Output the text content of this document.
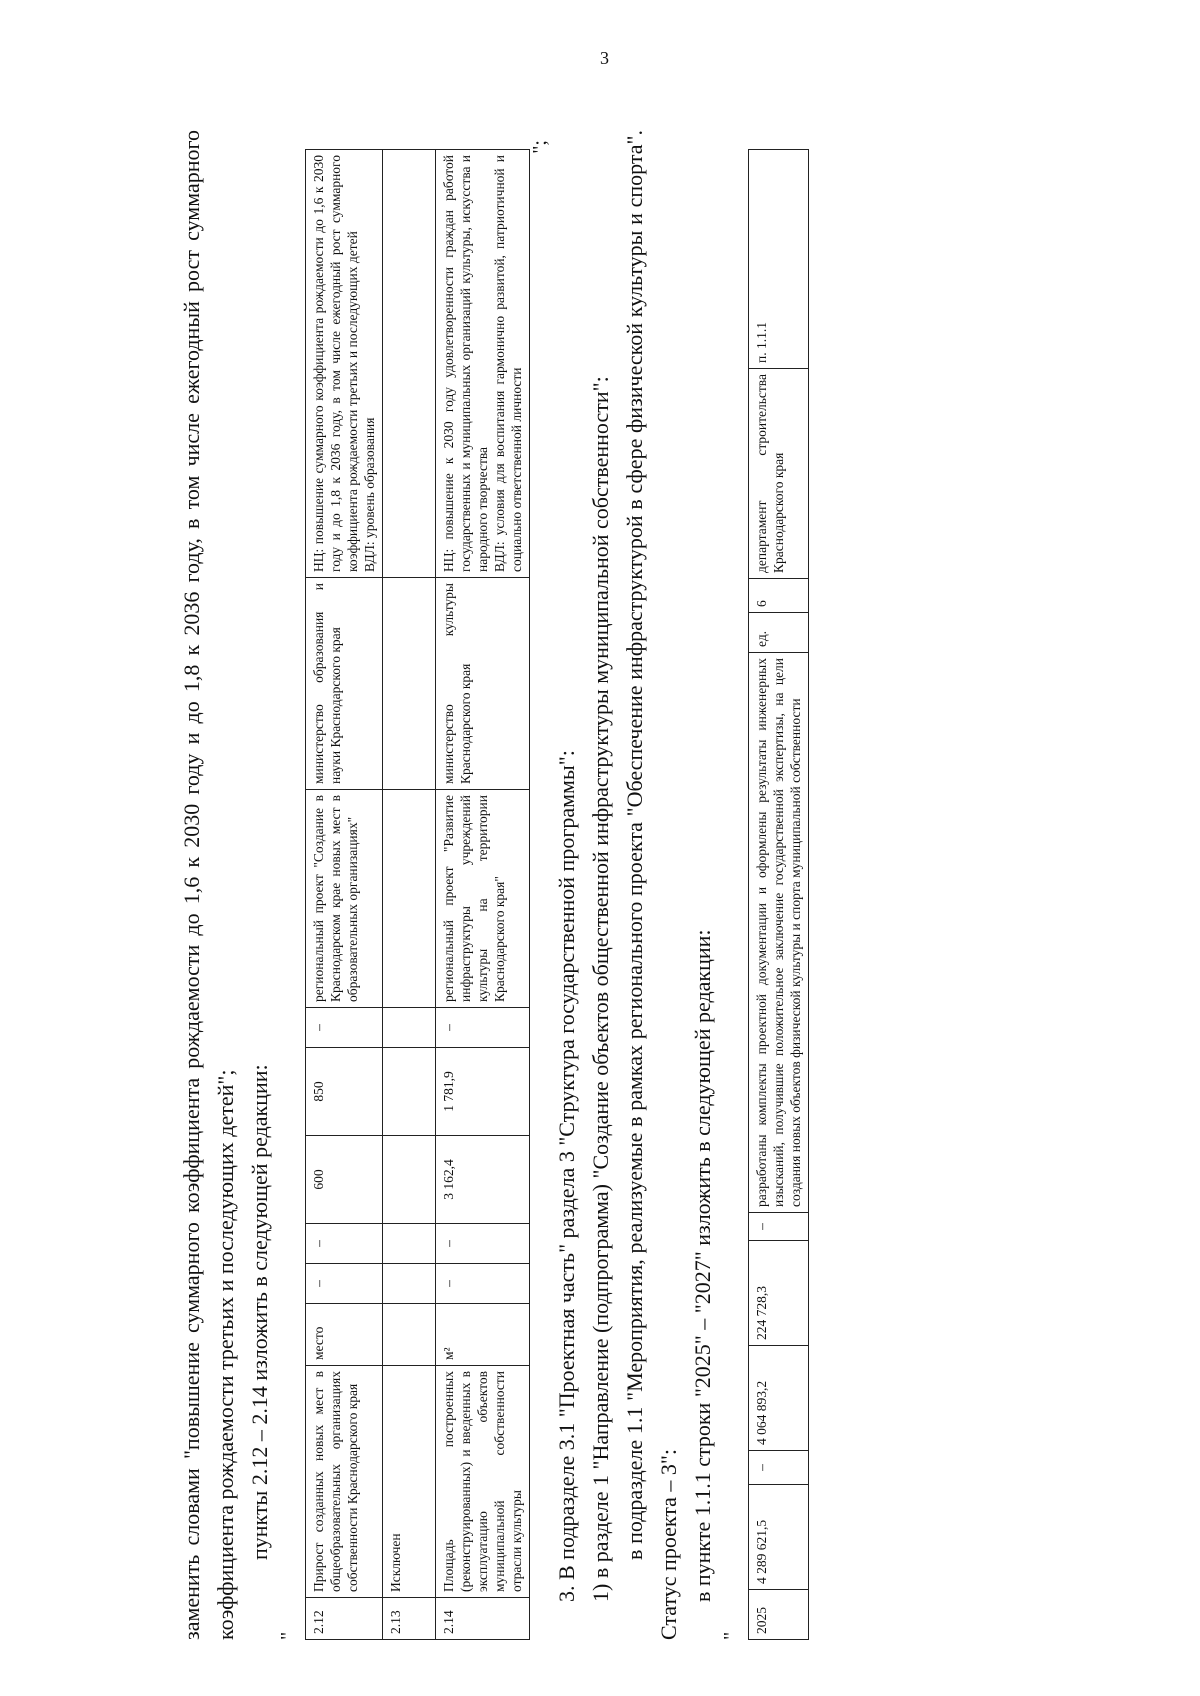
3

заменить словами "повышение суммарного коэффициента рождаемости до 1,6 к 2030 году и до 1,8 к 2036 году, в том числе ежегодный рост суммарного коэффициента рождаемости третьих и последующих детей"; пункты 2.12 – 2.14 изложить в следующей редакции:

"

2.12	Прирост созданных новых мест в общеобразовательных организациях собственности Краснодарского края	место	–	–	600	850	–	региональный проект "Создание в Краснодарском крае новых мест в образовательных организациях"	министерство образования и науки Краснодарского края	НЦ: повышение суммарного коэффициента рождаемости до 1,6 к 2030 году и до 1,8 к 2036 году, в том числе ежегодный рост суммарного коэффициента рождаемости третьих и последующих детей
ВДЛ: уровень образования
2.13	Исключен									
2.14	Площадь построенных (реконструированных) и введенных в эксплуатацию объектов муниципальной собственности отрасли культуры	м²	–	–	3 162,4	1 781,9	–	региональный проект "Развитие инфраструктуры учреждений культуры на территории Краснодарского края"	министерство культуры Краснодарского края	НЦ: повышение к 2030 году удовлетворенности граждан работой государственных и муниципальных организаций культуры, искусства и народного творчества
ВДЛ: условия для воспитания гармонично развитой, патриотичной и социально ответственной личности

";

3. В подразделе 3.1 "Проектная часть" раздела 3 "Структура государственной программы": 1) в разделе 1 "Направление (подпрограмма) "Создание объектов общественной инфраструктуры муниципальной собственности": в подразделе 1.1 "Мероприятия, реализуемые в рамках регионального проекта "Обеспечение инфраструктурой в сфере физической культуры и спорта". Статус проекта – 3": в пункте 1.1.1 строки "2025" – "2027" изложить в следующей редакции:

"

2025	4 289 621,5	–	4 064 893,2	224 728,3	–	разработаны комплекты проектной документации и оформлены результаты инженерных изысканий, получившие положительное заключение государственной экспертизы, на цели создания новых объектов физической культуры и спорта муниципальной собственности	ед.	6	департамент строительства Краснодарского края	п. 1.1.1
